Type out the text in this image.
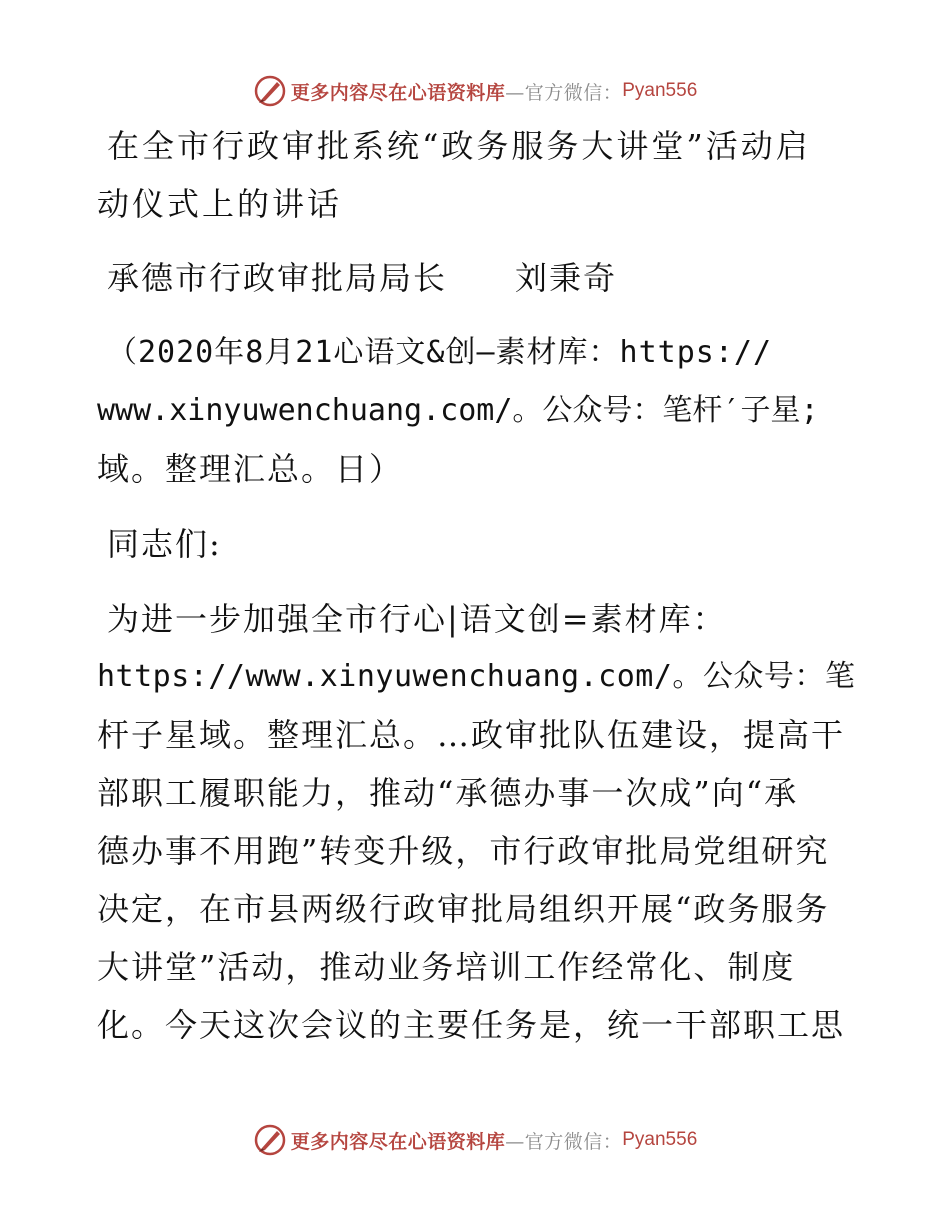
更多内容尽在心语资料库 —官方微信： Pyan556
在全市行政审批系统“政务服务大讲堂”活动启
动仪式上的讲话
承德市行政审批局局长　　刘秉奇
（2020年8月21心语文&创—素材库：https://
www.xinyuwenchuang.com/。公众号：笔杆′子星;
域。整理汇总。日）
同志们:
为进一步加强全市行心|语文创=素材库：
https://www.xinyuwenchuang.com/。公众号：笔
杆子星域。整理汇总。…政审批队伍建设，提高干
部职工履职能力，推动“承德办事一次成”向“承
德办事不用跑”转变升级，市行政审批局党组研究
决定，在市县两级行政审批局组织开展“政务服务
大讲堂”活动，推动业务培训工作经常化、制度
化。今天这次会议的主要任务是，统一干部职工思
更多内容尽在心语资料库 —官方微信： Pyan556
